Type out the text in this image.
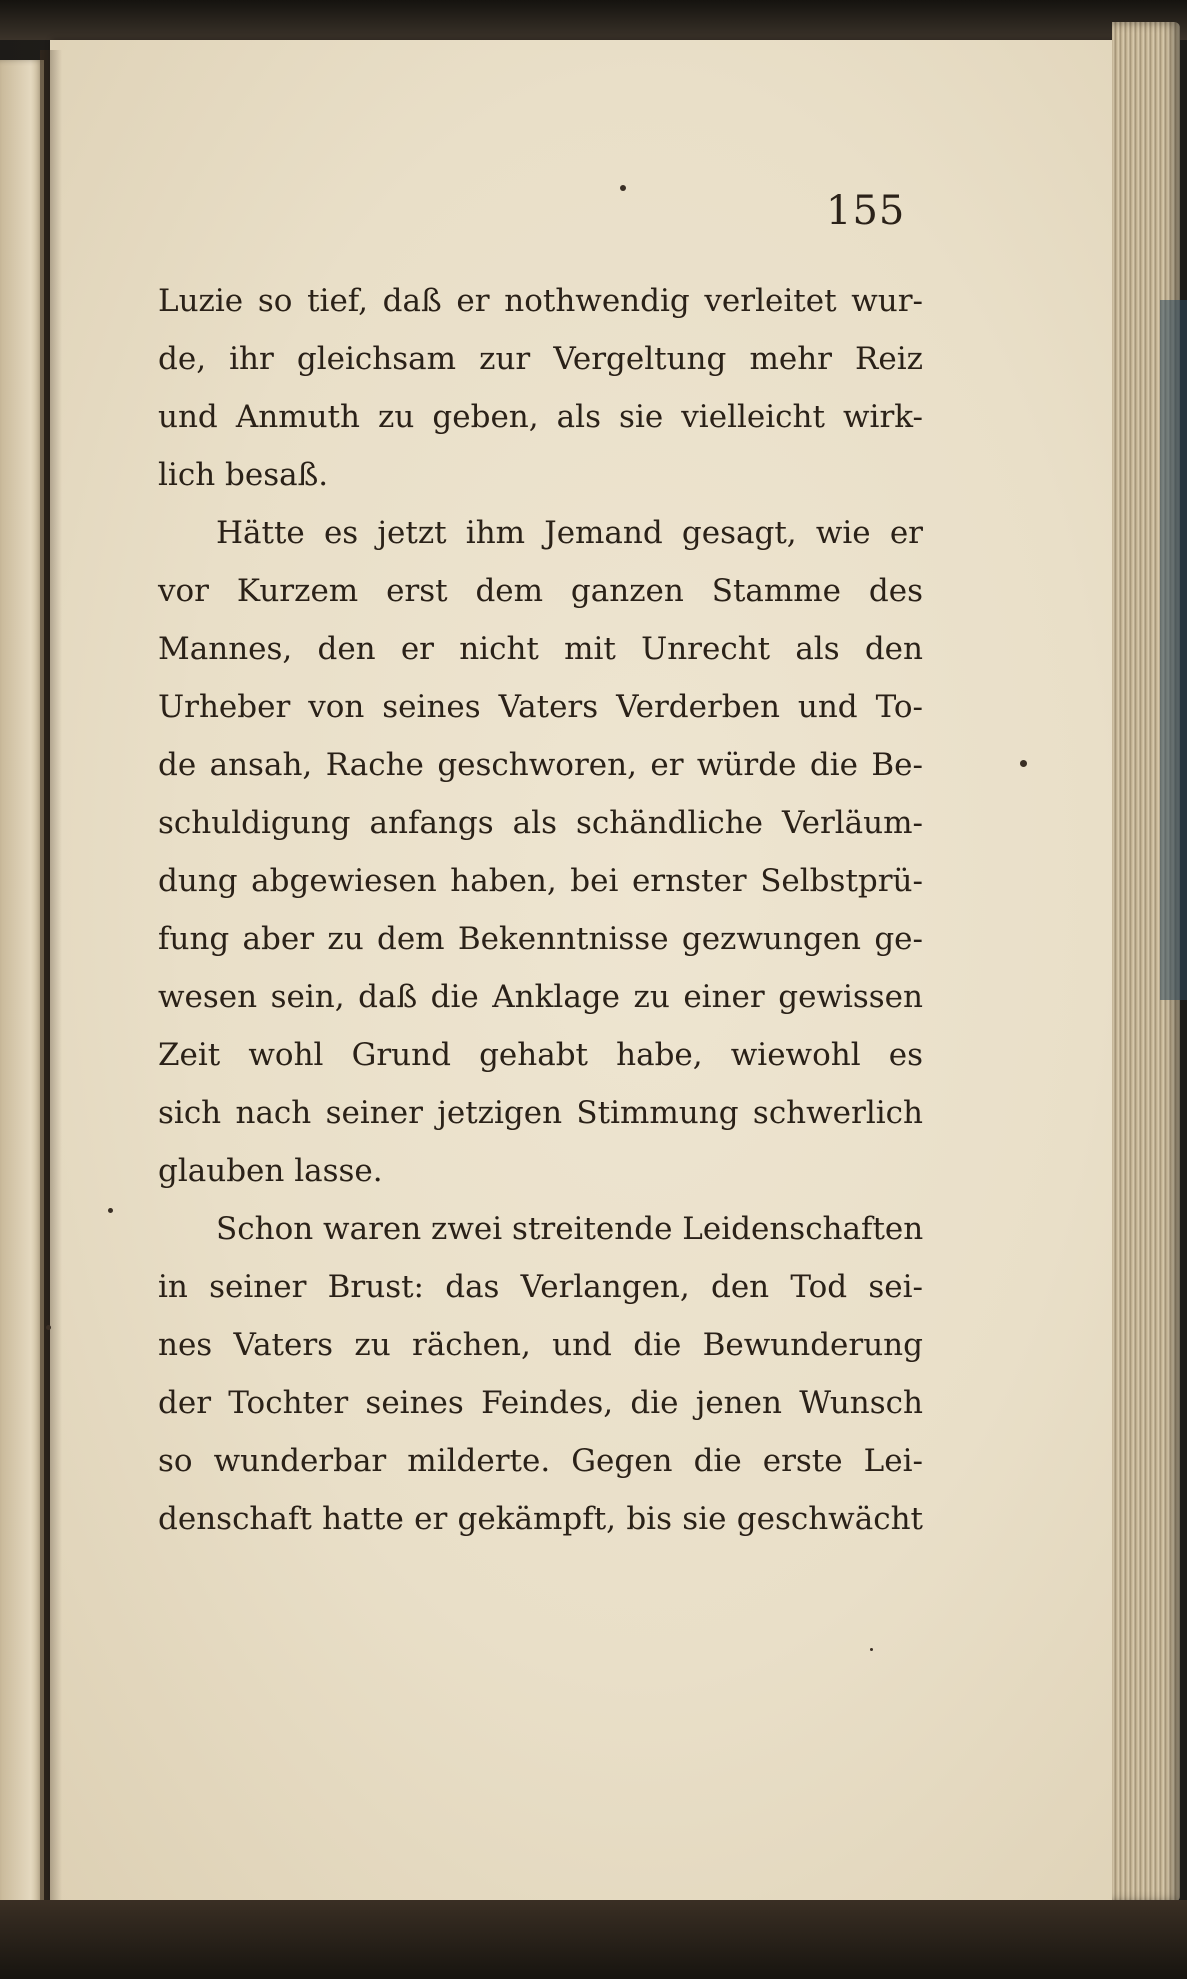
155
Luzie so tief, daß er nothwendig verleitet wur-
de, ihr gleichsam zur Vergeltung mehr Reiz
und Anmuth zu geben, als sie vielleicht wirk-
lich besaß.
Hätte es jetzt ihm Jemand gesagt, wie er
vor Kurzem erst dem ganzen Stamme des
Mannes, den er nicht mit Unrecht als den
Urheber von seines Vaters Verderben und To-
de ansah, Rache geschworen, er würde die Be-
schuldigung anfangs als schändliche Verläum-
dung abgewiesen haben, bei ernster Selbstprü-
fung aber zu dem Bekenntnisse gezwungen ge-
wesen sein, daß die Anklage zu einer gewissen
Zeit wohl Grund gehabt habe, wiewohl es
sich nach seiner jetzigen Stimmung schwerlich
glauben lasse.
Schon waren zwei streitende Leidenschaften
in seiner Brust: das Verlangen, den Tod sei-
nes Vaters zu rächen, und die Bewunderung
der Tochter seines Feindes, die jenen Wunsch
so wunderbar milderte. Gegen die erste Lei-
denschaft hatte er gekämpft, bis sie geschwächt
